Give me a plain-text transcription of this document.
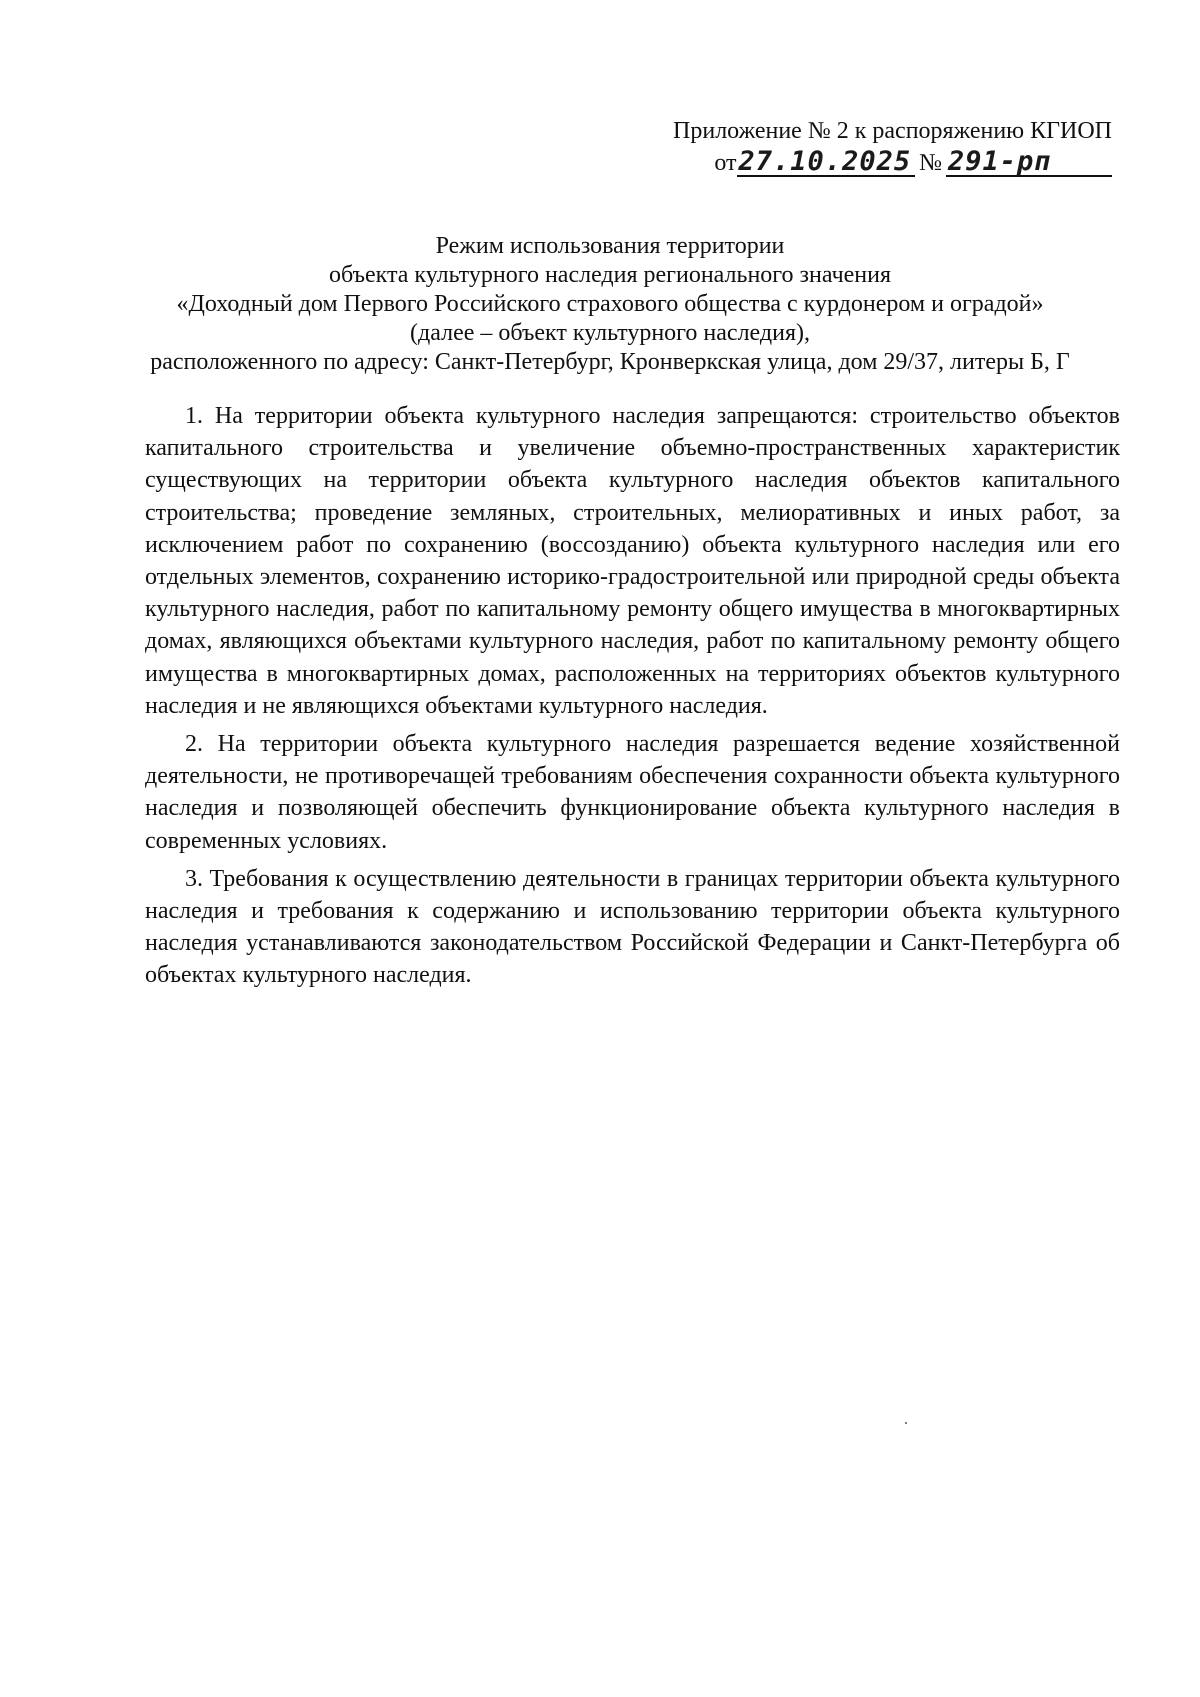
Приложение № 2 к распоряжению КГИОП
от 27.10.2025 № 291-рп
Режим использования территории
объекта культурного наследия регионального значения
«Доходный дом Первого Российского страхового общества с курдонером и оградой»
(далее – объект культурного наследия),
расположенного по адресу: Санкт-Петербург, Кронверкская улица, дом 29/37, литеры Б, Г

1. На территории объекта культурного наследия запрещаются: строительство объектов капитального строительства и увеличение объемно-пространственных характеристик существующих на территории объекта культурного наследия объектов капитального строительства; проведение земляных, строительных, мелиоративных и иных работ, за исключением работ по сохранению (воссозданию) объекта культурного наследия или его отдельных элементов, сохранению историко-градостроительной или природной среды объекта культурного наследия, работ по капитальному ремонту общего имущества в многоквартирных домах, являющихся объектами культурного наследия, работ по капитальному ремонту общего имущества в многоквартирных домах, расположенных на территориях объектов культурного наследия и не являющихся объектами культурного наследия.

2. На территории объекта культурного наследия разрешается ведение хозяйственной деятельности, не противоречащей требованиям обеспечения сохранности объекта культурного наследия и позволяющей обеспечить функционирование объекта культурного наследия в современных условиях.

3. Требования к осуществлению деятельности в границах территории объекта культурного наследия и требования к содержанию и использованию территории объекта культурного наследия устанавливаются законодательством Российской Федерации и Санкт-Петербурга об объектах культурного наследия.
